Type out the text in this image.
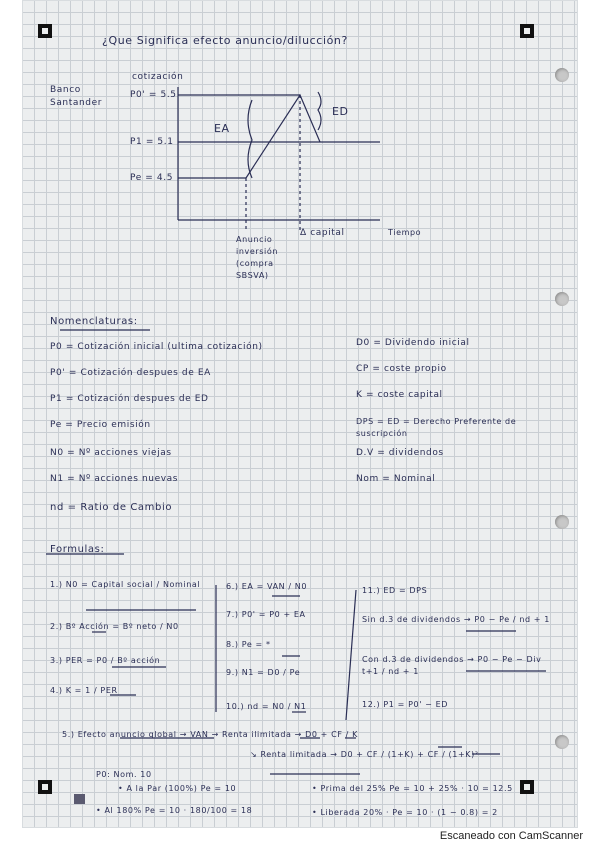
¿Que Significa efecto anuncio/dilucción?
cotización
Banco Santander
P0' = 5.5
P1 = 5.1
Pe = 4.5
EA
ED
Anuncio inversión (compra SBSVA)
Δ capital	Tiempo
Nomenclaturas:
P0 = Cotización inicial (ultima cotización)
P0' = Cotización despues de EA
P1 = Cotización despues de ED
Pe = Precio emisión
N0 = Nº acciones viejas
N1 = Nº acciones nuevas
nd = Ratio de Cambio
D0 = Dividendo inicial
CP = coste propio
K = coste capital
DPS = ED = Derecho Preferente de suscripción
D.V = dividendos
Nom = Nominal
Formulas:
1.) N0 = Capital social / Nominal
2.) Bº Acción = Bº neto / N0
3.) PER = P0 / Bº acción
4.) K = 1 / PER
6.) EA = VAN / N0
7.) P0' = P0 + EA
8.) Pe = *
9.) N1 = D0 / Pe
10.) nd = N0 / N1
11.) ED = DPS
Sin d.3 de dividendos → P0 − Pe / nd + 1
Con d.3 de dividendos → P0 − Pe − Div t+1 / nd + 1
12.) P1 = P0' − ED
5.) Efecto anuncio global → VAN → Renta ilimitada → D0 + CF / K
↘ Renta limitada → D0 + CF / (1+K) + CF / (1+K)²
P0: Nom. 10
• A la Par (100%) Pe = 10	• Prima del 25% Pe = 10 + 25% · 10 = 12.5
• Al 180% Pe = 10 · 180/100 = 18	• Liberada 20% · Pe = 10 · (1 − 0.8) = 2
Escaneado con CamScanner
